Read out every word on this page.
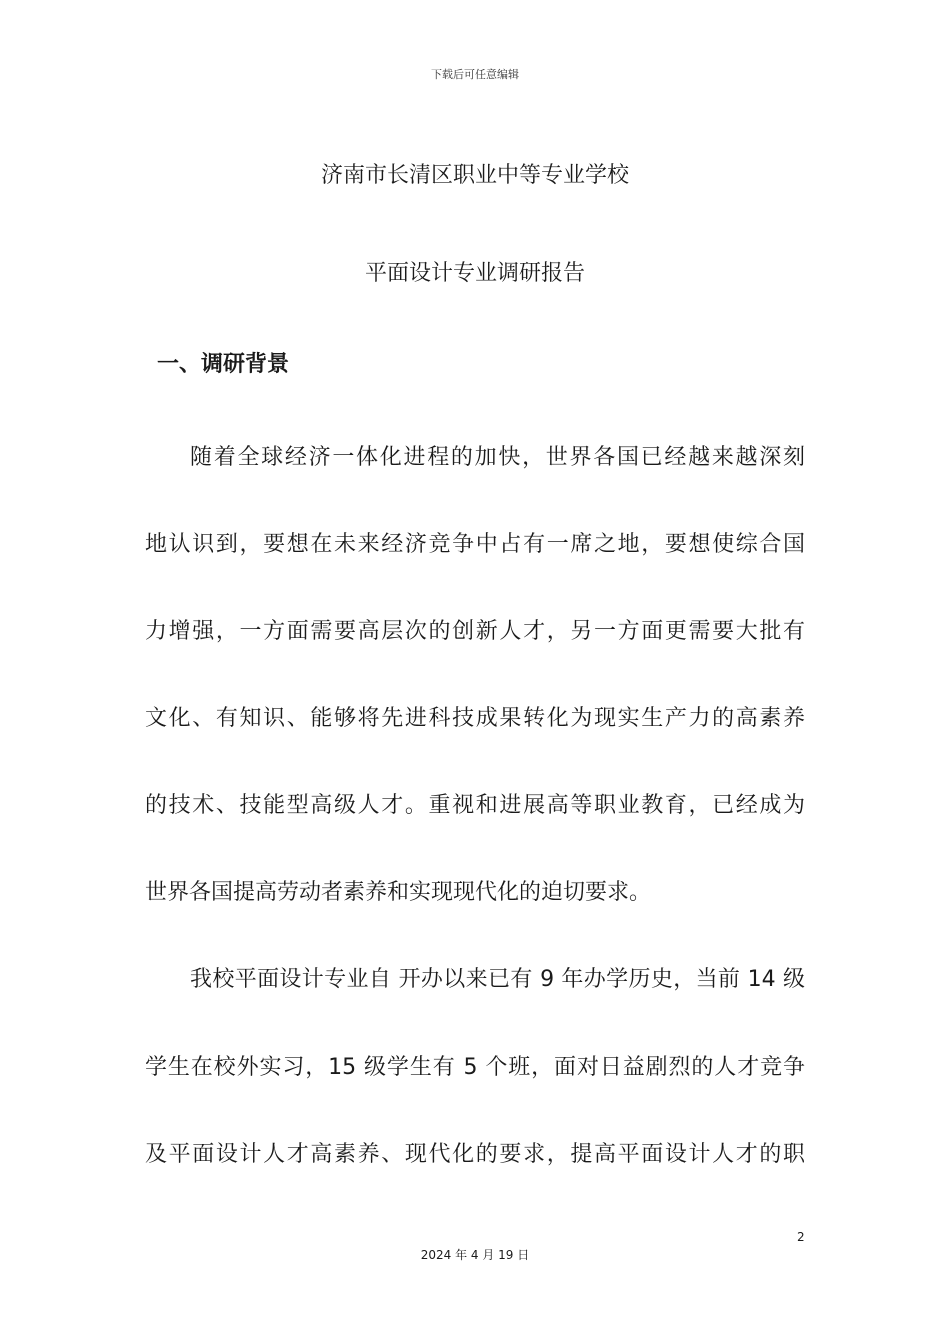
下载后可任意编辑
济南市长清区职业中等专业学校
平面设计专业调研报告
一、调研背景
随着全球经济一体化进程的加快，世界各国已经越来越深刻
地认识到，要想在未来经济竞争中占有一席之地，要想使综合国
力增强，一方面需要高层次的创新人才，另一方面更需要大批有
文化、有知识、能够将先进科技成果转化为现实生产力的高素养
的技术、技能型高级人才。重视和进展高等职业教育，已经成为
世界各国提高劳动者素养和实现现代化的迫切要求。
我校平面设计专业自 开办以来已有 9 年办学历史，当前 14 级
学生在校外实习，15 级学生有 5 个班，面对日益剧烈的人才竞争
及平面设计人才高素养、现代化的要求，提高平面设计人才的职
2
2024 年 4 月 19 日
